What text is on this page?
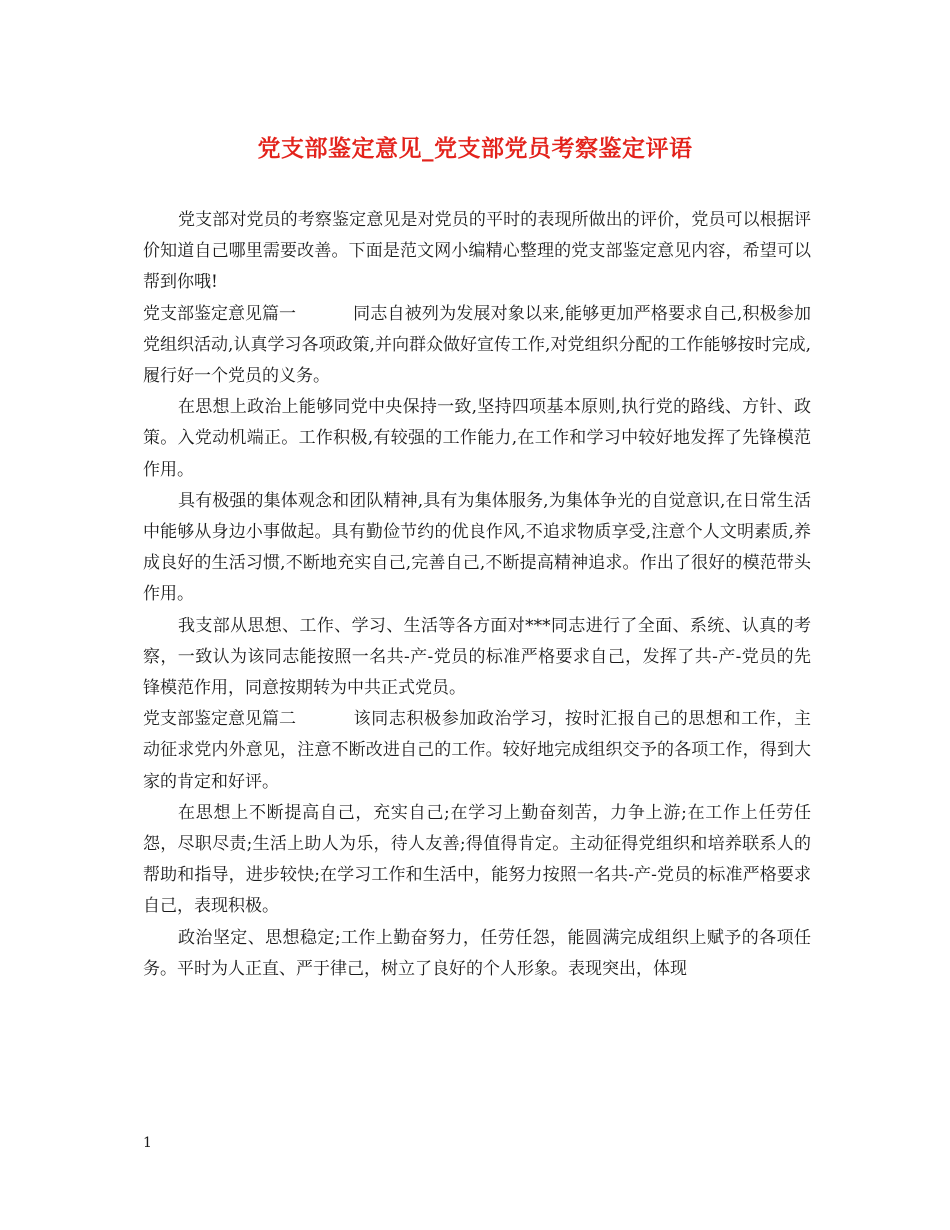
党支部鉴定意见_党支部党员考察鉴定评语

党支部对党员的考察鉴定意见是对党员的平时的表现所做出的评价，党员可以根据评价知道自己哪里需要改善。下面是范文网小编精心整理的党支部鉴定意见内容，希望可以帮到你哦!

党支部鉴定意见篇一	同志自被列为发展对象以来,能够更加严格要求自己,积极参加党组织活动,认真学习各项政策,并向群众做好宣传工作,对党组织分配的工作能够按时完成,履行好一个党员的义务。

在思想上政治上能够同党中央保持一致,坚持四项基本原则,执行党的路线、方针、政策。入党动机端正。工作积极,有较强的工作能力,在工作和学习中较好地发挥了先锋模范作用。

具有极强的集体观念和团队精神,具有为集体服务,为集体争光的自觉意识,在日常生活中能够从身边小事做起。具有勤俭节约的优良作风,不追求物质享受,注意个人文明素质,养成良好的生活习惯,不断地充实自己,完善自己,不断提高精神追求。作出了很好的模范带头作用。

我支部从思想、工作、学习、生活等各方面对***同志进行了全面、系统、认真的考察，一致认为该同志能按照一名共-产-党员的标准严格要求自己，发挥了共-产-党员的先锋模范作用，同意按期转为中共正式党员。

党支部鉴定意见篇二	该同志积极参加政治学习，按时汇报自己的思想和工作，主动征求党内外意见，注意不断改进自己的工作。较好地完成组织交予的各项工作，得到大家的肯定和好评。

在思想上不断提高自己，充实自己;在学习上勤奋刻苦，力争上游;在工作上任劳任怨，尽职尽责;生活上助人为乐，待人友善;得值得肯定。主动征得党组织和培养联系人的帮助和指导，进步较快;在学习工作和生活中，能努力按照一名共-产-党员的标准严格要求自己，表现积极。

政治坚定、思想稳定;工作上勤奋努力，任劳任怨，能圆满完成组织上赋予的各项任务。平时为人正直、严于律己，树立了良好的个人形象。表现突出，体现

1
